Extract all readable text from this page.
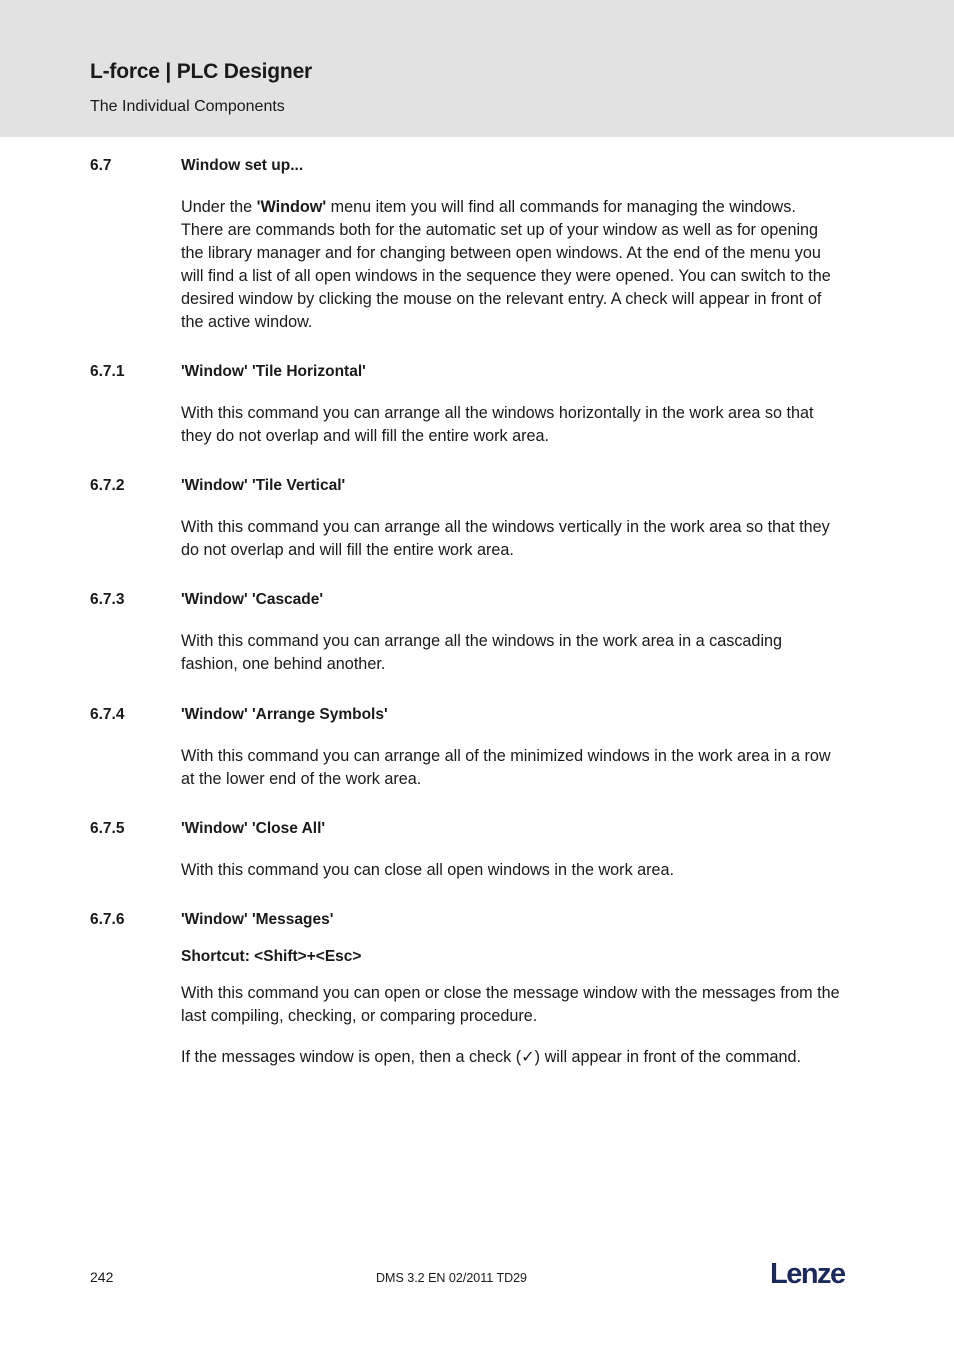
L-force | PLC Designer
The Individual Components
6.7	Window set up...

Under the 'Window' menu item you will find all commands for managing the windows. There are commands both for the automatic set up of your window as well as for opening the library manager and for changing between open windows. At the end of the menu you will find a list of all open windows in the sequence they were opened. You can switch to the desired window by clicking the mouse on the relevant entry. A check will appear in front of the active window.

6.7.1	'Window' 'Tile Horizontal'

With this command you can arrange all the windows horizontally in the work area so that they do not overlap and will fill the entire work area.

6.7.2	'Window' 'Tile Vertical'

With this command you can arrange all the windows vertically in the work area so that they do not overlap and will fill the entire work area.

6.7.3	'Window' 'Cascade'

With this command you can arrange all the windows in the work area in a cascading fashion, one behind another.

6.7.4	'Window' 'Arrange Symbols'

With this command you can arrange all of the minimized windows in the work area in a row at the lower end of the work area.

6.7.5	'Window' 'Close All'

With this command you can close all open windows in the work area.

6.7.6	'Window' 'Messages'
Shortcut: <Shift>+<Esc>

With this command you can open or close the message window with the messages from the last compiling, checking, or comparing procedure.

If the messages window is open, then a check (✓) will appear in front of the command.

242	DMS 3.2 EN 02/2011 TD29	Lenze
